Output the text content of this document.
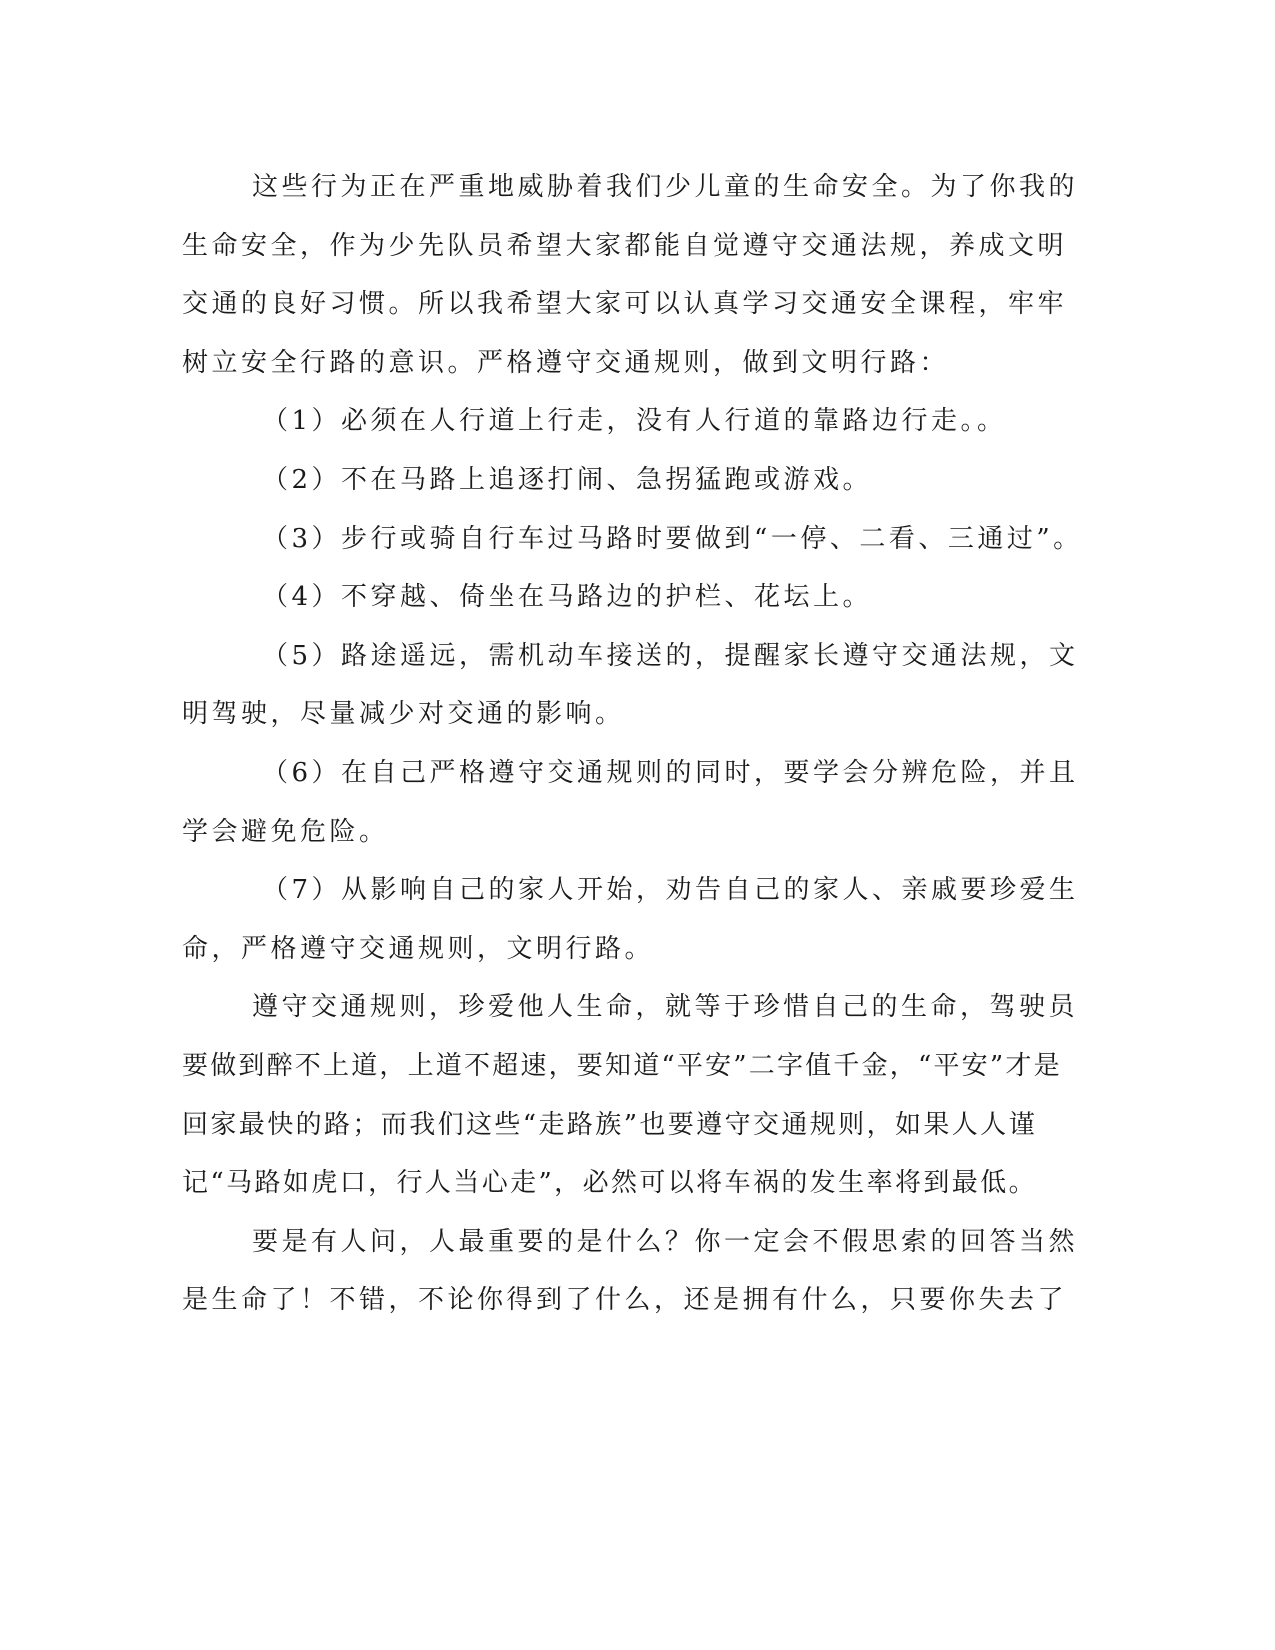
这些行为正在严重地威胁着我们少儿童的生命安全。为了你我的
生命安全，作为少先队员希望大家都能自觉遵守交通法规，养成文明
交通的良好习惯。所以我希望大家可以认真学习交通安全课程，牢牢
树立安全行路的意识。严格遵守交通规则，做到文明行路：
（1）必须在人行道上行走，没有人行道的靠路边行走。。
（2）不在马路上追逐打闹、急拐猛跑或游戏。
（3）步行或骑自行车过马路时要做到“一停、二看、三通过”。
（4）不穿越、倚坐在马路边的护栏、花坛上。
（5）路途遥远，需机动车接送的，提醒家长遵守交通法规，文
明驾驶，尽量减少对交通的影响。
（6）在自己严格遵守交通规则的同时，要学会分辨危险，并且
学会避免危险。
（7）从影响自己的家人开始，劝告自己的家人、亲戚要珍爱生
命，严格遵守交通规则，文明行路。
遵守交通规则，珍爱他人生命，就等于珍惜自己的生命，驾驶员
要做到醉不上道，上道不超速，要知道“平安”二字值千金，“平安”才是
回家最快的路；而我们这些“走路族”也要遵守交通规则，如果人人谨
记“马路如虎口，行人当心走”，必然可以将车祸的发生率将到最低。
要是有人问，人最重要的是什么？你一定会不假思索的回答当然
是生命了！不错，不论你得到了什么，还是拥有什么，只要你失去了
